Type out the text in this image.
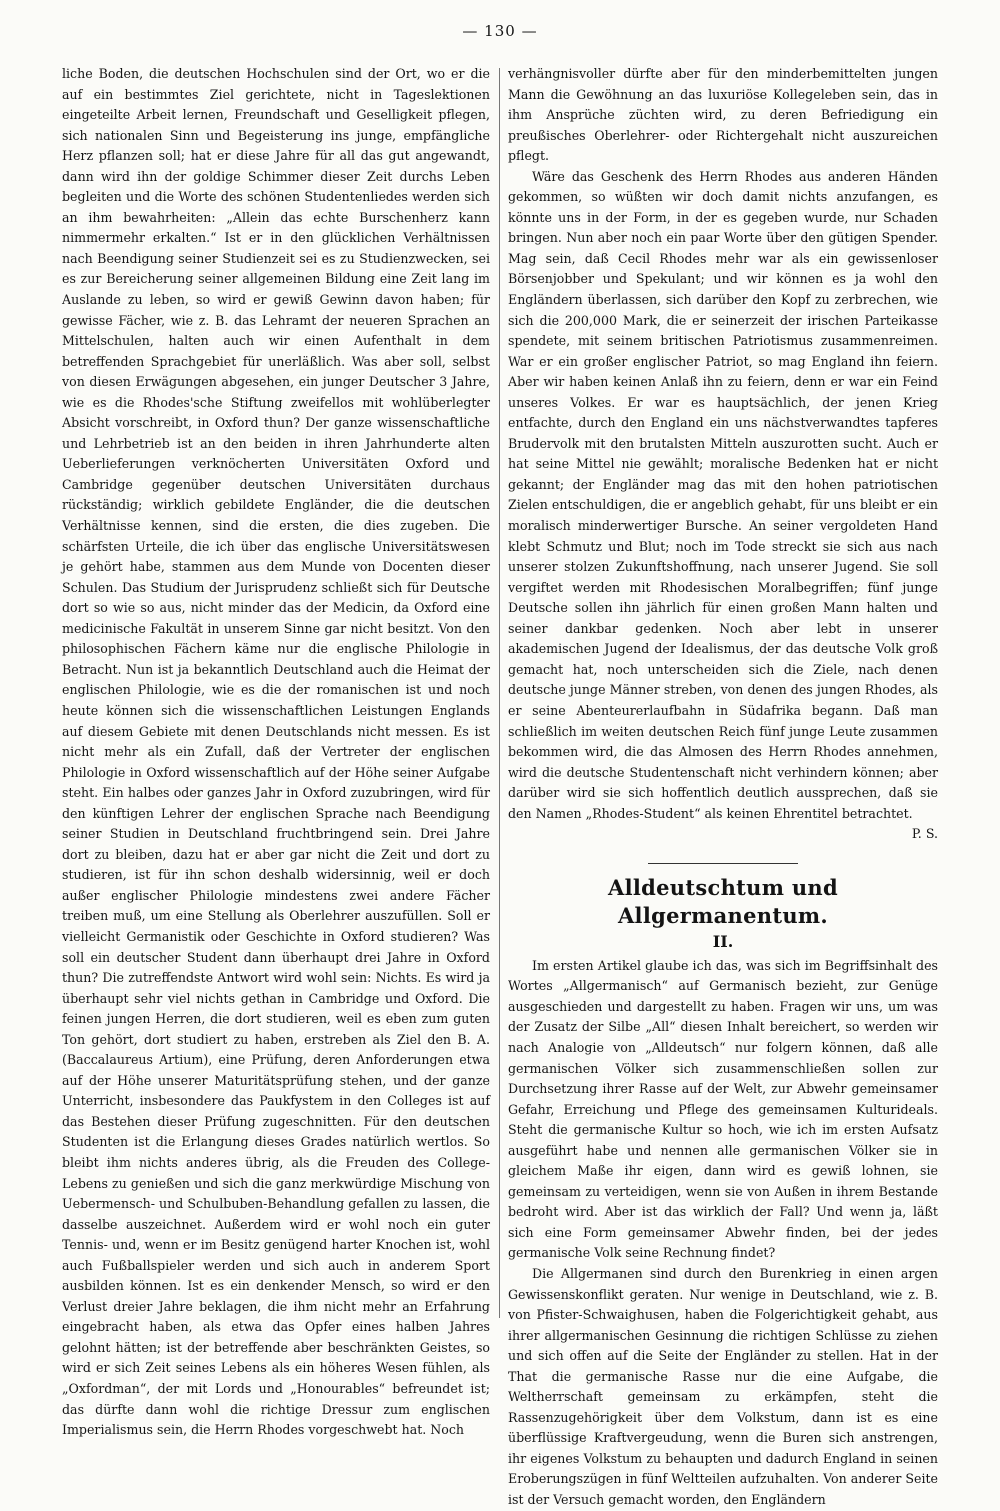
— 130 —

liche Boden, die deutschen Hochschulen sind der Ort, wo er die auf ein bestimmtes Ziel gerichtete, nicht in Tageslektionen eingeteilte Arbeit lernen, Freundschaft und Geselligkeit pflegen, sich nationalen Sinn und Begeisterung ins junge, empfängliche Herz pflanzen soll; hat er diese Jahre für all das gut angewandt, dann wird ihn der goldige Schimmer dieser Zeit durchs Leben begleiten und die Worte des schönen Studentenliedes werden sich an ihm bewahrheiten: „Allein das echte Burschenherz kann nimmermehr erkalten.“ Ist er in den glücklichen Verhältnissen nach Beendigung seiner Studienzeit sei es zu Studienzwecken, sei es zur Bereicherung seiner allgemeinen Bildung eine Zeit lang im Auslande zu leben, so wird er gewiß Gewinn davon haben; für gewisse Fächer, wie z. B. das Lehramt der neueren Sprachen an Mittelschulen, halten auch wir einen Aufenthalt in dem betreffenden Sprachgebiet für unerläßlich. Was aber soll, selbst von diesen Erwägungen abgesehen, ein junger Deutscher 3 Jahre, wie es die Rhodes'sche Stiftung zweifellos mit wohlüberlegter Absicht vorschreibt, in Oxford thun? Der ganze wissenschaftliche und Lehrbetrieb ist an den beiden in ihren Jahrhunderte alten Ueberlieferungen verknöcherten Universitäten Oxford und Cambridge gegenüber deutschen Universitäten durchaus rückständig; wirklich gebildete Engländer, die die deutschen Verhältnisse kennen, sind die ersten, die dies zugeben. Die schärfsten Urteile, die ich über das englische Universitätswesen je gehört habe, stammen aus dem Munde von Docenten dieser Schulen. Das Studium der Jurisprudenz schließt sich für Deutsche dort so wie so aus, nicht minder das der Medicin, da Oxford eine medicinische Fakultät in unserem Sinne gar nicht besitzt. Von den philosophischen Fächern käme nur die englische Philologie in Betracht. Nun ist ja bekanntlich Deutschland auch die Heimat der englischen Philologie, wie es die der romanischen ist und noch heute können sich die wissenschaftlichen Leistungen Englands auf diesem Gebiete mit denen Deutschlands nicht messen. Es ist nicht mehr als ein Zufall, daß der Vertreter der englischen Philologie in Oxford wissenschaftlich auf der Höhe seiner Aufgabe steht. Ein halbes oder ganzes Jahr in Oxford zuzubringen, wird für den künftigen Lehrer der englischen Sprache nach Beendigung seiner Studien in Deutschland fruchtbringend sein. Drei Jahre dort zu bleiben, dazu hat er aber gar nicht die Zeit und dort zu studieren, ist für ihn schon deshalb widersinnig, weil er doch außer englischer Philologie mindestens zwei andere Fächer treiben muß, um eine Stellung als Oberlehrer auszufüllen. Soll er vielleicht Germanistik oder Geschichte in Oxford studieren? Was soll ein deutscher Student dann überhaupt drei Jahre in Oxford thun? Die zutreffendste Antwort wird wohl sein: Nichts. Es wird ja überhaupt sehr viel nichts gethan in Cambridge und Oxford. Die feinen jungen Herren, die dort studieren, weil es eben zum guten Ton gehört, dort studiert zu haben, erstreben als Ziel den B. A. (Baccalaureus Artium), eine Prüfung, deren Anforderungen etwa auf der Höhe unserer Maturitätsprüfung stehen, und der ganze Unterricht, insbesondere das Paukfystem in den Colleges ist auf das Bestehen dieser Prüfung zugeschnitten. Für den deutschen Studenten ist die Erlangung dieses Grades natürlich wertlos. So bleibt ihm nichts anderes übrig, als die Freuden des College-Lebens zu genießen und sich die ganz merkwürdige Mischung von Uebermensch- und Schulbuben-Behandlung gefallen zu lassen, die dasselbe auszeichnet. Außerdem wird er wohl noch ein guter Tennis- und, wenn er im Besitz genügend harter Knochen ist, wohl auch Fußballspieler werden und sich auch in anderem Sport ausbilden können. Ist es ein denkender Mensch, so wird er den Verlust dreier Jahre beklagen, die ihm nicht mehr an Erfahrung eingebracht haben, als etwa das Opfer eines halben Jahres gelohnt hätten; ist der betreffende aber beschränkten Geistes, so wird er sich Zeit seines Lebens als ein höheres Wesen fühlen, als „Oxfordman“, der mit Lords und „Honourables“ befreundet ist; das dürfte dann wohl die richtige Dressur zum englischen Imperialismus sein, die Herrn Rhodes vorgeschwebt hat. Noch

verhängnisvoller dürfte aber für den minderbemittelten jungen Mann die Gewöhnung an das luxuriöse Kollegeleben sein, das in ihm Ansprüche züchten wird, zu deren Befriedigung ein preußisches Oberlehrer- oder Richtergehalt nicht auszureichen pflegt.

Wäre das Geschenk des Herrn Rhodes aus anderen Händen gekommen, so wüßten wir doch damit nichts anzufangen, es könnte uns in der Form, in der es gegeben wurde, nur Schaden bringen. Nun aber noch ein paar Worte über den gütigen Spender. Mag sein, daß Cecil Rhodes mehr war als ein gewissenloser Börsenjobber und Spekulant; und wir können es ja wohl den Engländern überlassen, sich darüber den Kopf zu zerbrechen, wie sich die 200,000 Mark, die er seinerzeit der irischen Parteikasse spendete, mit seinem britischen Patriotismus zusammenreimen. War er ein großer englischer Patriot, so mag England ihn feiern. Aber wir haben keinen Anlaß ihn zu feiern, denn er war ein Feind unseres Volkes. Er war es hauptsächlich, der jenen Krieg entfachte, durch den England ein uns nächstverwandtes tapferes Brudervolk mit den brutalsten Mitteln auszurotten sucht. Auch er hat seine Mittel nie gewählt; moralische Bedenken hat er nicht gekannt; der Engländer mag das mit den hohen patriotischen Zielen entschuldigen, die er angeblich gehabt, für uns bleibt er ein moralisch minderwertiger Bursche. An seiner vergoldeten Hand klebt Schmutz und Blut; noch im Tode streckt sie sich aus nach unserer stolzen Zukunftshoffnung, nach unserer Jugend. Sie soll vergiftet werden mit Rhodesischen Moralbegriffen; fünf junge Deutsche sollen ihn jährlich für einen großen Mann halten und seiner dankbar gedenken. Noch aber lebt in unserer akademischen Jugend der Idealismus, der das deutsche Volk groß gemacht hat, noch unterscheiden sich die Ziele, nach denen deutsche junge Männer streben, von denen des jungen Rhodes, als er seine Abenteurerlaufbahn in Südafrika begann. Daß man schließlich im weiten deutschen Reich fünf junge Leute zusammen bekommen wird, die das Almosen des Herrn Rhodes annehmen, wird die deutsche Studentenschaft nicht verhindern können; aber darüber wird sie sich hoffentlich deutlich aussprechen, daß sie den Namen „Rhodes-Student“ als keinen Ehrentitel betrachtet.

P. S.
Alldeutschtum und Allgermanentum.
II.

Im ersten Artikel glaube ich das, was sich im Begriffsinhalt des Wortes „Allgermanisch“ auf Germanisch bezieht, zur Genüge ausgeschieden und dargestellt zu haben. Fragen wir uns, um was der Zusatz der Silbe „All“ diesen Inhalt bereichert, so werden wir nach Analogie von „Alldeutsch“ nur folgern können, daß alle germanischen Völker sich zusammenschließen sollen zur Durchsetzung ihrer Rasse auf der Welt, zur Abwehr gemeinsamer Gefahr, Erreichung und Pflege des gemeinsamen Kulturideals. Steht die germanische Kultur so hoch, wie ich im ersten Aufsatz ausgeführt habe und nennen alle germanischen Völker sie in gleichem Maße ihr eigen, dann wird es gewiß lohnen, sie gemeinsam zu verteidigen, wenn sie von Außen in ihrem Bestande bedroht wird. Aber ist das wirklich der Fall? Und wenn ja, läßt sich eine Form gemeinsamer Abwehr finden, bei der jedes germanische Volk seine Rechnung findet?

Die Allgermanen sind durch den Burenkrieg in einen argen Gewissenskonflikt geraten. Nur wenige in Deutschland, wie z. B. von Pfister-Schwaighusen, haben die Folgerichtigkeit gehabt, aus ihrer allgermanischen Gesinnung die richtigen Schlüsse zu ziehen und sich offen auf die Seite der Engländer zu stellen. Hat in der That die germanische Rasse nur die eine Aufgabe, die Weltherrschaft gemeinsam zu erkämpfen, steht die Rassenzugehörigkeit über dem Volkstum, dann ist es eine überflüssige Kraftvergeudung, wenn die Buren sich anstrengen, ihr eigenes Volkstum zu behaupten und dadurch England in seinen Eroberungszügen in fünf Weltteilen aufzuhalten. Von anderer Seite ist der Versuch gemacht worden, den Engländern
